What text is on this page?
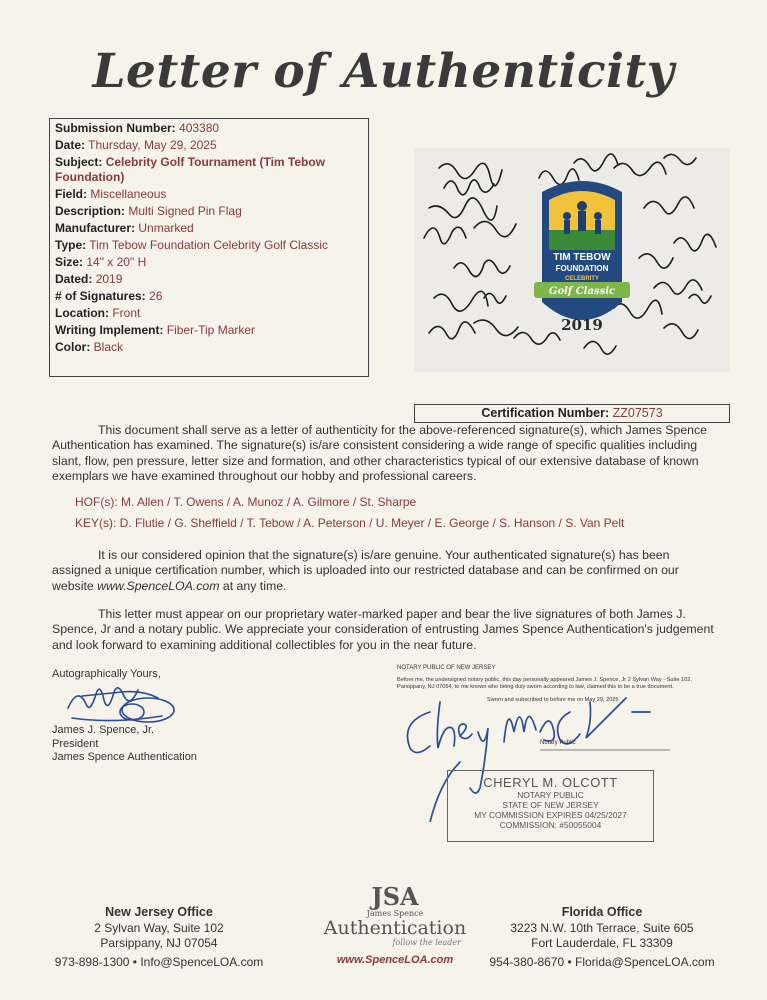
Letter of Authenticity
Submission Number: 403380
Date: Thursday, May 29, 2025
Subject: Celebrity Golf Tournament (Tim Tebow Foundation)
Field: Miscellaneous
Description: Multi Signed Pin Flag
Manufacturer: Unmarked
Type: Tim Tebow Foundation Celebrity Golf Classic
Size: 14" x 20" H
Dated: 2019
# of Signatures: 26
Location: Front
Writing Implement: Fiber-Tip Marker
Color: Black
TIM TEBOW
FOUNDATION
CELEBRITY
Golf Classic
2019
Certification Number: ZZ07573
This document shall serve as a letter of authenticity for the above-referenced signature(s), which James Spence Authentication has examined. The signature(s) is/are consistent considering a wide range of specific qualities including slant, flow, pen pressure, letter size and formation, and other characteristics typical of our extensive database of known exemplars we have examined throughout our hobby and professional careers.
HOF(s): M. Allen / T. Owens / A. Munoz / A. Gilmore / St. Sharpe
KEY(s): D. Flutie / G. Sheffield / T. Tebow / A. Peterson / U. Meyer / E. George / S. Hanson / S. Van Pelt
It is our considered opinion that the signature(s) is/are genuine. Your authenticated signature(s) has been assigned a unique certification number, which is uploaded into our restricted database and can be confirmed on our website www.SpenceLOA.com at any time.
This letter must appear on our proprietary water-marked paper and bear the live signatures of both James J. Spence, Jr and a notary public. We appreciate your consideration of entrusting James Spence Authentication's judgement and look forward to examining additional collectibles for you in the near future.
Autographically Yours,
James J. Spence, Jr.
President
James Spence Authentication
NOTARY PUBLIC OF NEW JERSEY
Before me, the undersigned notary public, this day personally appeared James J. Spence, Jr 2 Sylvan Way - Suite 102, Parsippany, NJ 07054, to me known who being duly sworn according to law, claimed this to be a true document.
Sworn and subscribed to before me on May 29, 2025
Notary Public
CHERYL M. OLCOTT
NOTARY PUBLIC
STATE OF NEW JERSEY
MY COMMISSION EXPIRES 04/25/2027
COMMISSION: #50055004
New Jersey Office
2 Sylvan Way, Suite 102
Parsippany, NJ 07054
973-898-1300 • Info@SpenceLOA.com
JSA
James Spence
Authentication
follow the leader
www.SpenceLOA.com
Florida Office
3223 N.W. 10th Terrace, Suite 605
Fort Lauderdale, FL 33309
954-380-8670 • Florida@SpenceLOA.com
